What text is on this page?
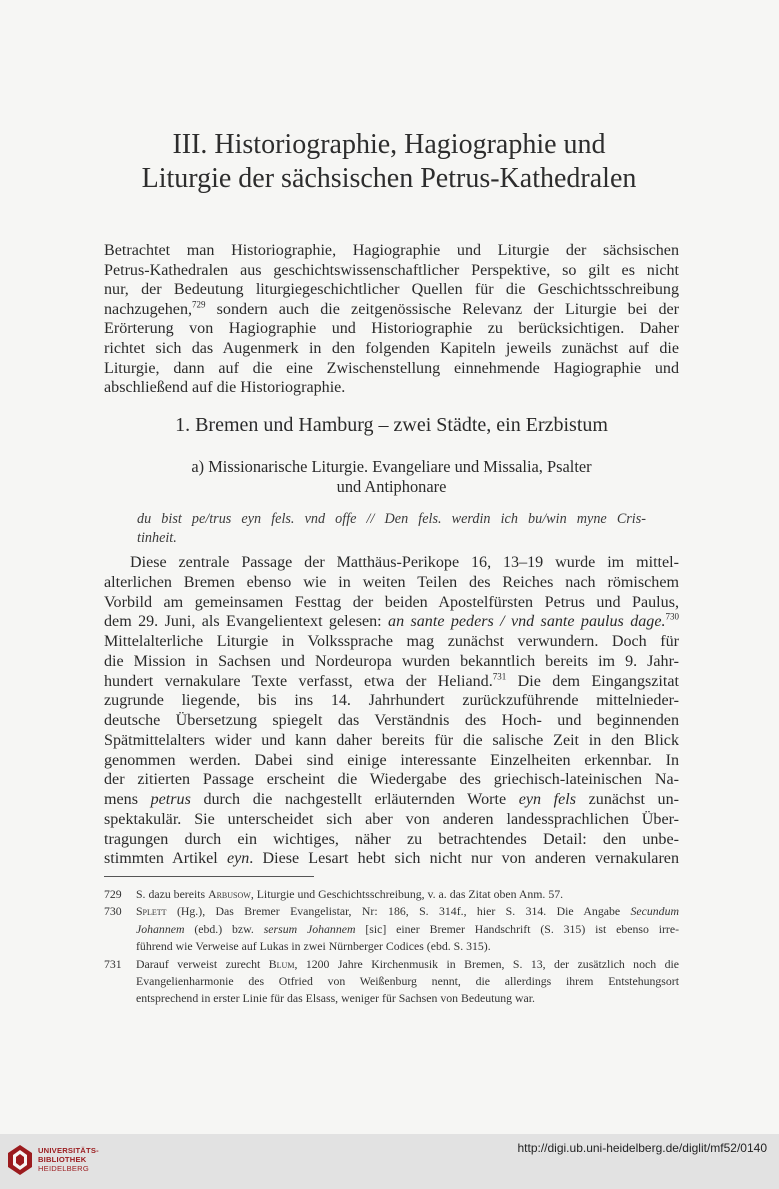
III. Historiographie, Hagiographie und
Liturgie der sächsischen Petrus-Kathedralen

Betrachtet man Historiographie, Hagiographie und Liturgie der sächsischen
Petrus-Kathedralen aus geschichtswissenschaftlicher Perspektive, so gilt es nicht
nur, der Bedeutung liturgiegeschichtlicher Quellen für die Geschichtsschreibung
nachzugehen,$^{729}$ sondern auch die zeitgenössische Relevanz der Liturgie bei der
Erörterung von Hagiographie und Historiographie zu berücksichtigen. Daher
richtet sich das Augenmerk in den folgenden Kapiteln jeweils zunächst auf die
Liturgie, dann auf die eine Zwischenstellung einnehmende Hagiographie und
abschließend auf die Historiographie.

1. Bremen und Hamburg – zwei Städte, ein Erzbistum
a) Missionarische Liturgie. Evangeliare und Missalia, Psalter
und Antiphonare

du bist pe/trus eyn fels. vnd offe // Den fels. werdin ich bu/win myne Cris-
tinheit.

Diese zentrale Passage der Matthäus-Perikope 16, 13–19 wurde im mittel-
alterlichen Bremen ebenso wie in weiten Teilen des Reiches nach römischem
Vorbild am gemeinsamen Festtag der beiden Apostelfürsten Petrus und Paulus,
dem 29. Juni, als Evangelientext gelesen: an sante peders / vnd sante paulus dage.$^{730}$
Mittelalterliche Liturgie in Volkssprache mag zunächst verwundern. Doch für
die Mission in Sachsen und Nordeuropa wurden bekanntlich bereits im 9. Jahr-
hundert vernakulare Texte verfasst, etwa der Heliand.$^{731}$ Die dem Eingangszitat
zugrunde liegende, bis ins 14. Jahrhundert zurückzuführende mittelnieder-
deutsche Übersetzung spiegelt das Verständnis des Hoch- und beginnenden
Spätmittelalters wider und kann daher bereits für die salische Zeit in den Blick
genommen werden. Dabei sind einige interessante Einzelheiten erkennbar. In
der zitierten Passage erscheint die Wiedergabe des griechisch-lateinischen Na-
mens petrus durch die nachgestellt erläuternden Worte eyn fels zunächst un-
spektakulär. Sie unterscheidet sich aber von anderen landessprachlichen Über-
tragungen durch ein wichtiges, näher zu betrachtendes Detail: den unbe-
stimmten Artikel eyn. Diese Lesart hebt sich nicht nur von anderen vernakularen

729 S. dazu bereits Arbusow, Liturgie und Geschichtsschreibung, v. a. das Zitat oben Anm. 57.
730 Splett (Hg.), Das Bremer Evangelistar, Nr: 186, S. 314f., hier S. 314. Die Angabe Secundum
Johannem (ebd.) bzw. sersum Johannem [sic] einer Bremer Handschrift (S. 315) ist ebenso irre-
führend wie Verweise auf Lukas in zwei Nürnberger Codices (ebd. S. 315).
731 Darauf verweist zurecht Blum, 1200 Jahre Kirchenmusik in Bremen, S. 13, der zusätzlich noch die
Evangelienharmonie des Otfried von Weißenburg nennt, die allerdings ihrem Entstehungsort
entsprechend in erster Linie für das Elsass, weniger für Sachsen von Bedeutung war.
UNIVERSITÄTS-
BIBLIOTHEK
HEIDELBERG
http://digi.ub.uni-heidelberg.de/diglit/mf52/0140
